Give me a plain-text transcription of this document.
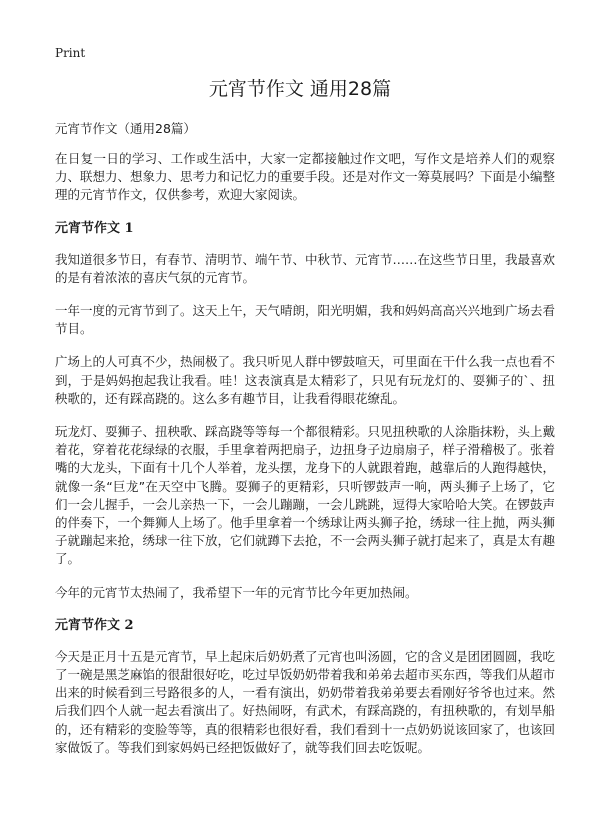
Print
元宵节作文 通用28篇

元宵节作文（通用28篇）

在日复一日的学习、工作或生活中，大家一定都接触过作文吧，写作文是培养人们的观察力、联想力、想象力、思考力和记忆力的重要手段。还是对作文一筹莫展吗？下面是小编整理的元宵节作文，仅供参考，欢迎大家阅读。

元宵节作文 1

我知道很多节日，有春节、清明节、端午节、中秋节、元宵节……在这些节日里，我最喜欢的是有着浓浓的喜庆气氛的元宵节。

一年一度的元宵节到了。这天上午，天气晴朗，阳光明媚，我和妈妈高高兴兴地到广场去看节目。

广场上的人可真不少，热闹极了。我只听见人群中锣鼓喧天，可里面在干什么我一点也看不到，于是妈妈抱起我让我看。哇！这表演真是太精彩了，只见有玩龙灯的、耍狮子的`、扭秧歌的，还有踩高跷的。这么多有趣节目，让我看得眼花缭乱。

玩龙灯、耍狮子、扭秧歌、踩高跷等等每一个都很精彩。只见扭秧歌的人涂脂抹粉，头上戴着花，穿着花花绿绿的衣服，手里拿着两把扇子，边扭身子边扇扇子，样子滑稽极了。张着嘴的大龙头，下面有十几个人举着，龙头摆，龙身下的人就跟着跑，越靠后的人跑得越快，就像一条“巨龙”在天空中飞腾。耍狮子的更精彩，只听锣鼓声一响，两头狮子上场了，它们一会儿握手，一会儿亲热一下，一会儿蹦蹦，一会儿跳跳，逗得大家哈哈大笑。在锣鼓声的伴奏下，一个舞狮人上场了。他手里拿着一个绣球让两头狮子抢，绣球一往上抛，两头狮子就蹦起来抢，绣球一往下放，它们就蹲下去抢，不一会两头狮子就打起来了，真是太有趣了。

今年的元宵节太热闹了，我希望下一年的元宵节比今年更加热闹。

元宵节作文 2

今天是正月十五是元宵节，早上起床后奶奶煮了元宵也叫汤圆，它的含义是团团圆圆，我吃了一碗是黑芝麻馅的很甜很好吃，吃过早饭奶奶带着我和弟弟去超市买东西，等我们从超市出来的时候看到三号路很多的人，一看有演出，奶奶带着我弟弟要去看刚好爷爷也过来。然后我们四个人就一起去看演出了。好热闹呀，有武术，有踩高跷的，有扭秧歌的，有划旱船的，还有精彩的变脸等等，真的很精彩也很好看，我们看到十一点奶奶说该回家了，也该回家做饭了。等我们到家妈妈已经把饭做好了，就等我们回去吃饭呢。
